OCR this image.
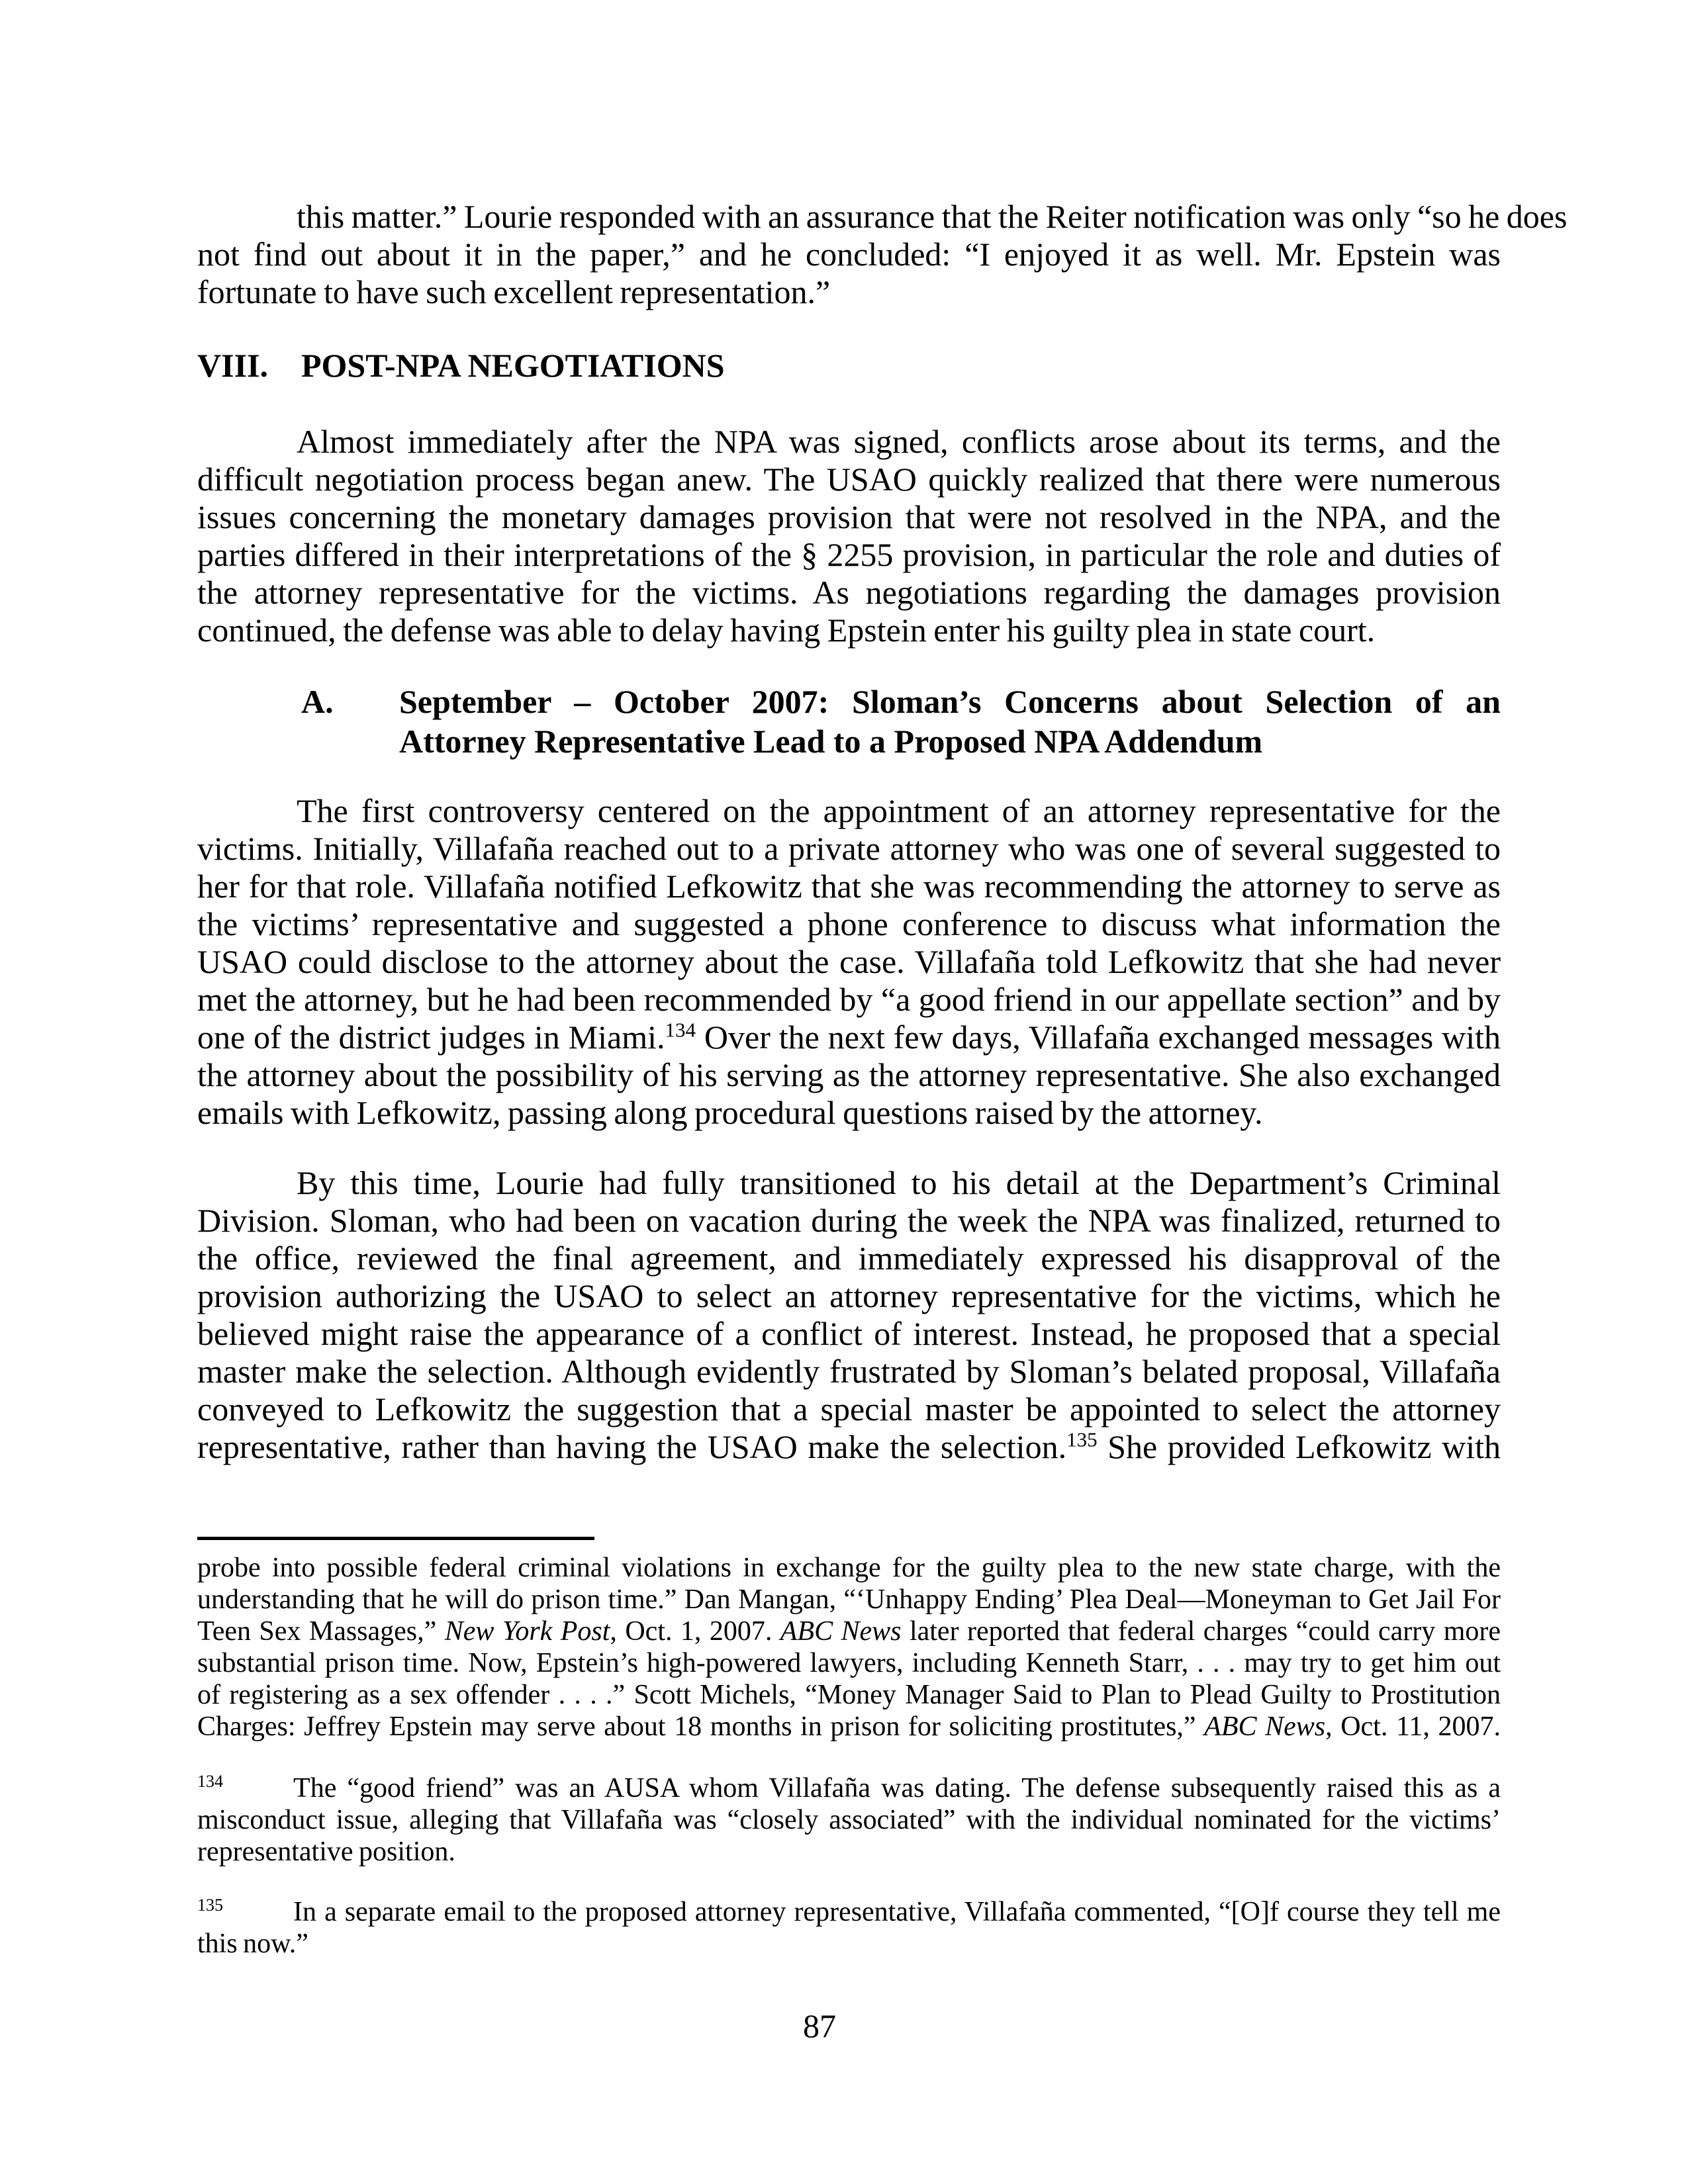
this matter.” Lourie responded with an assurance that the Reiter notification was only “so he does
not find out about it in the paper,” and he concluded: “I enjoyed it as well. Mr. Epstein was
fortunate to have such excellent representation.”
VIII.	POST-NPA NEGOTIATIONS
Almost immediately after the NPA was signed, conflicts arose about its terms, and the
difficult negotiation process began anew. The USAO quickly realized that there were numerous
issues concerning the monetary damages provision that were not resolved in the NPA, and the
parties differed in their interpretations of the § 2255 provision, in particular the role and duties of
the attorney representative for the victims. As negotiations regarding the damages provision
continued, the defense was able to delay having Epstein enter his guilty plea in state court.
A.	September – October 2007: Sloman’s Concerns about Selection of an
Attorney Representative Lead to a Proposed NPA Addendum
The first controversy centered on the appointment of an attorney representative for the
victims. Initially, Villafaña reached out to a private attorney who was one of several suggested to
her for that role. Villafaña notified Lefkowitz that she was recommending the attorney to serve as
the victims’ representative and suggested a phone conference to discuss what information the
USAO could disclose to the attorney about the case. Villafaña told Lefkowitz that she had never
met the attorney, but he had been recommended by “a good friend in our appellate section” and by
one of the district judges in Miami.$^{134}$ Over the next few days, Villafaña exchanged messages with
the attorney about the possibility of his serving as the attorney representative. She also exchanged
emails with Lefkowitz, passing along procedural questions raised by the attorney.
By this time, Lourie had fully transitioned to his detail at the Department’s Criminal
Division. Sloman, who had been on vacation during the week the NPA was finalized, returned to
the office, reviewed the final agreement, and immediately expressed his disapproval of the
provision authorizing the USAO to select an attorney representative for the victims, which he
believed might raise the appearance of a conflict of interest. Instead, he proposed that a special
master make the selection. Although evidently frustrated by Sloman’s belated proposal, Villafaña
conveyed to Lefkowitz the suggestion that a special master be appointed to select the attorney
representative, rather than having the USAO make the selection.$^{135}$ She provided Lefkowitz with
probe into possible federal criminal violations in exchange for the guilty plea to the new state charge, with the
understanding that he will do prison time.” Dan Mangan, “‘Unhappy Ending’ Plea Deal—Moneyman to Get Jail For
Teen Sex Massages,” New York Post, Oct. 1, 2007. ABC News later reported that federal charges “could carry more
substantial prison time. Now, Epstein’s high-powered lawyers, including Kenneth Starr, . . . may try to get him out
of registering as a sex offender . . . .” Scott Michels, “Money Manager Said to Plan to Plead Guilty to Prostitution
Charges: Jeffrey Epstein may serve about 18 months in prison for soliciting prostitutes,” ABC News, Oct. 11, 2007.
$^{134}$	The “good friend” was an AUSA whom Villafaña was dating. The defense subsequently raised this as a
misconduct issue, alleging that Villafaña was “closely associated” with the individual nominated for the victims’
representative position.
$^{135}$	In a separate email to the proposed attorney representative, Villafaña commented, “[O]f course they tell me
this now.”
87
